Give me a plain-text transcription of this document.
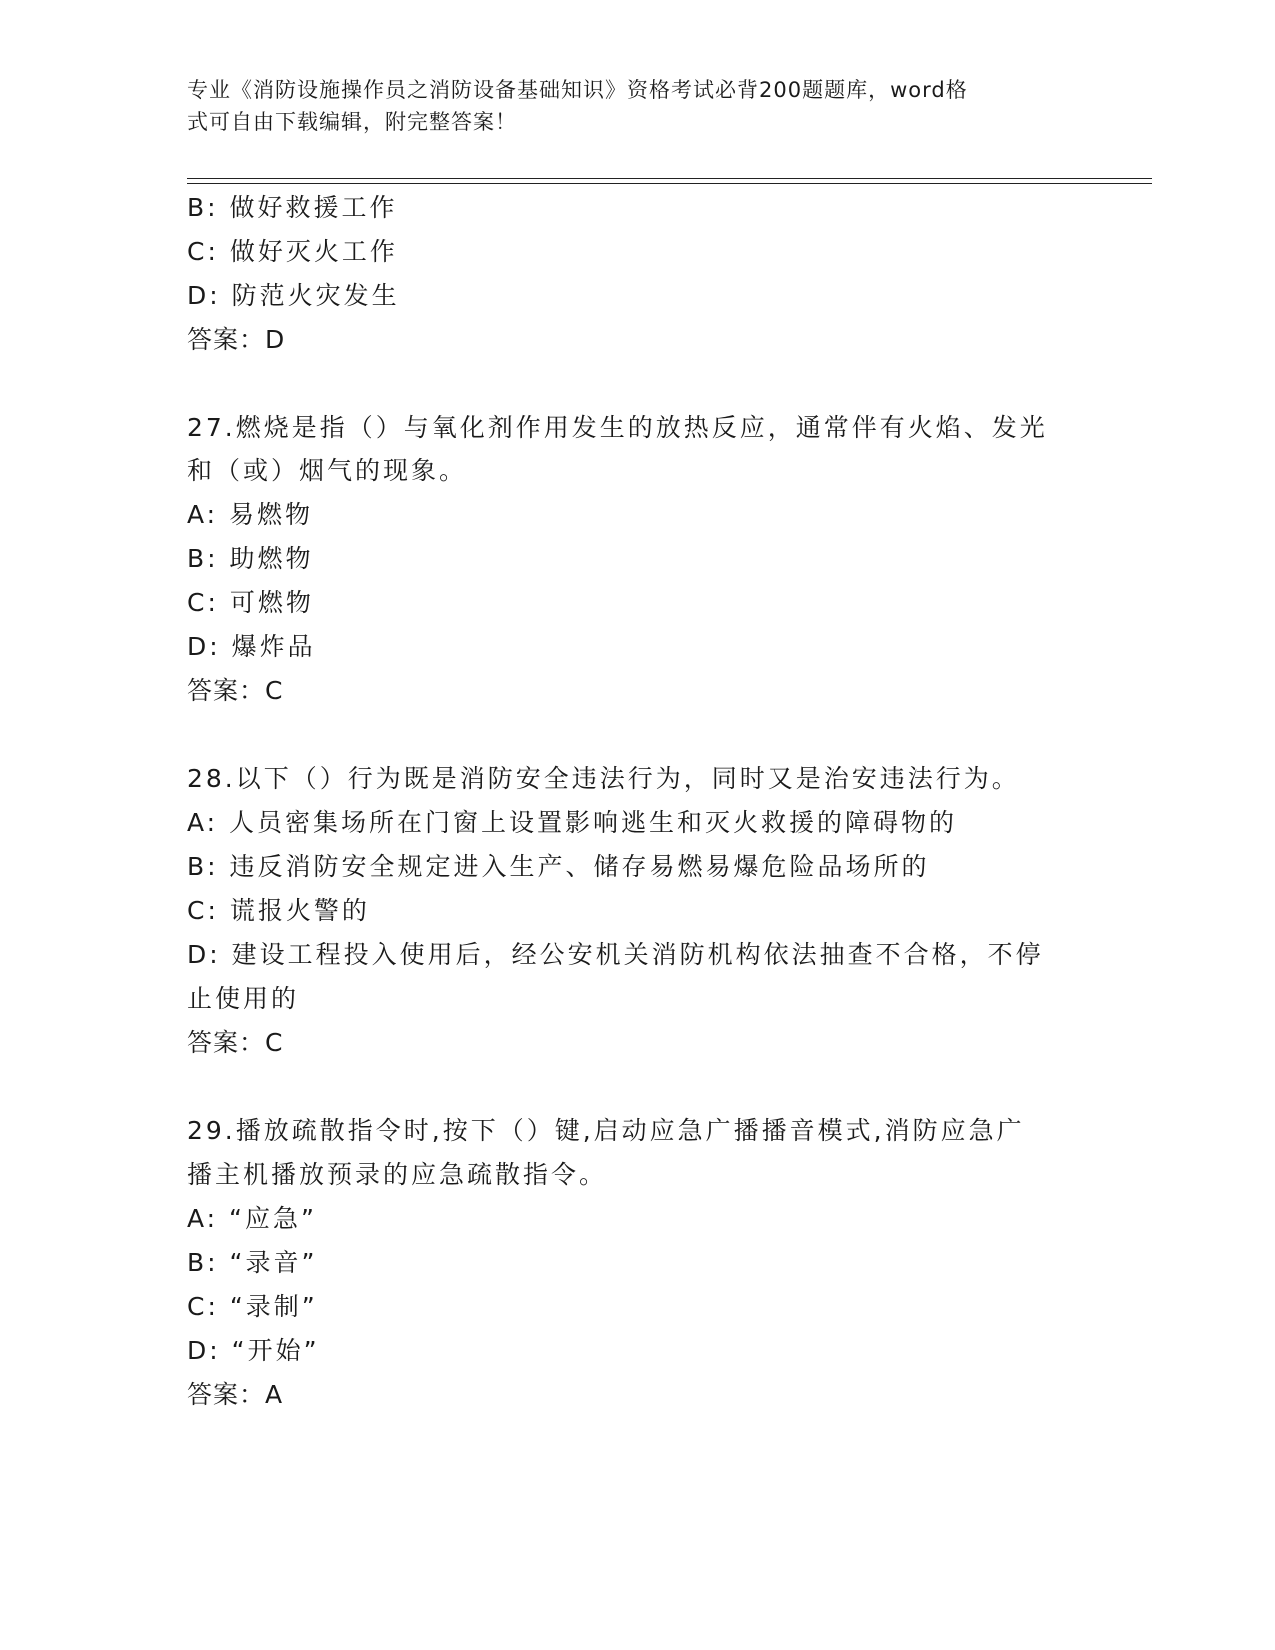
专业《消防设施操作员之消防设备基础知识》资格考试必背200题题库，word格
式可自由下载编辑，附完整答案！
B: 做好救援工作
C: 做好灭火工作
D: 防范火灾发生
答案：D
27.燃烧是指（）与氧化剂作用发生的放热反应，通常伴有火焰、发光
和（或）烟气的现象。
A: 易燃物
B: 助燃物
C: 可燃物
D: 爆炸品
答案：C
28.以下（）行为既是消防安全违法行为，同时又是治安违法行为。
A: 人员密集场所在门窗上设置影响逃生和灭火救援的障碍物的
B: 违反消防安全规定进入生产、储存易燃易爆危险品场所的
C: 谎报火警的
D: 建设工程投入使用后，经公安机关消防机构依法抽查不合格，不停
止使用的
答案：C
29.播放疏散指令时,按下（）键,启动应急广播播音模式,消防应急广
播主机播放预录的应急疏散指令。
A: “应急”
B: “录音”
C: “录制”
D: “开始”
答案：A
